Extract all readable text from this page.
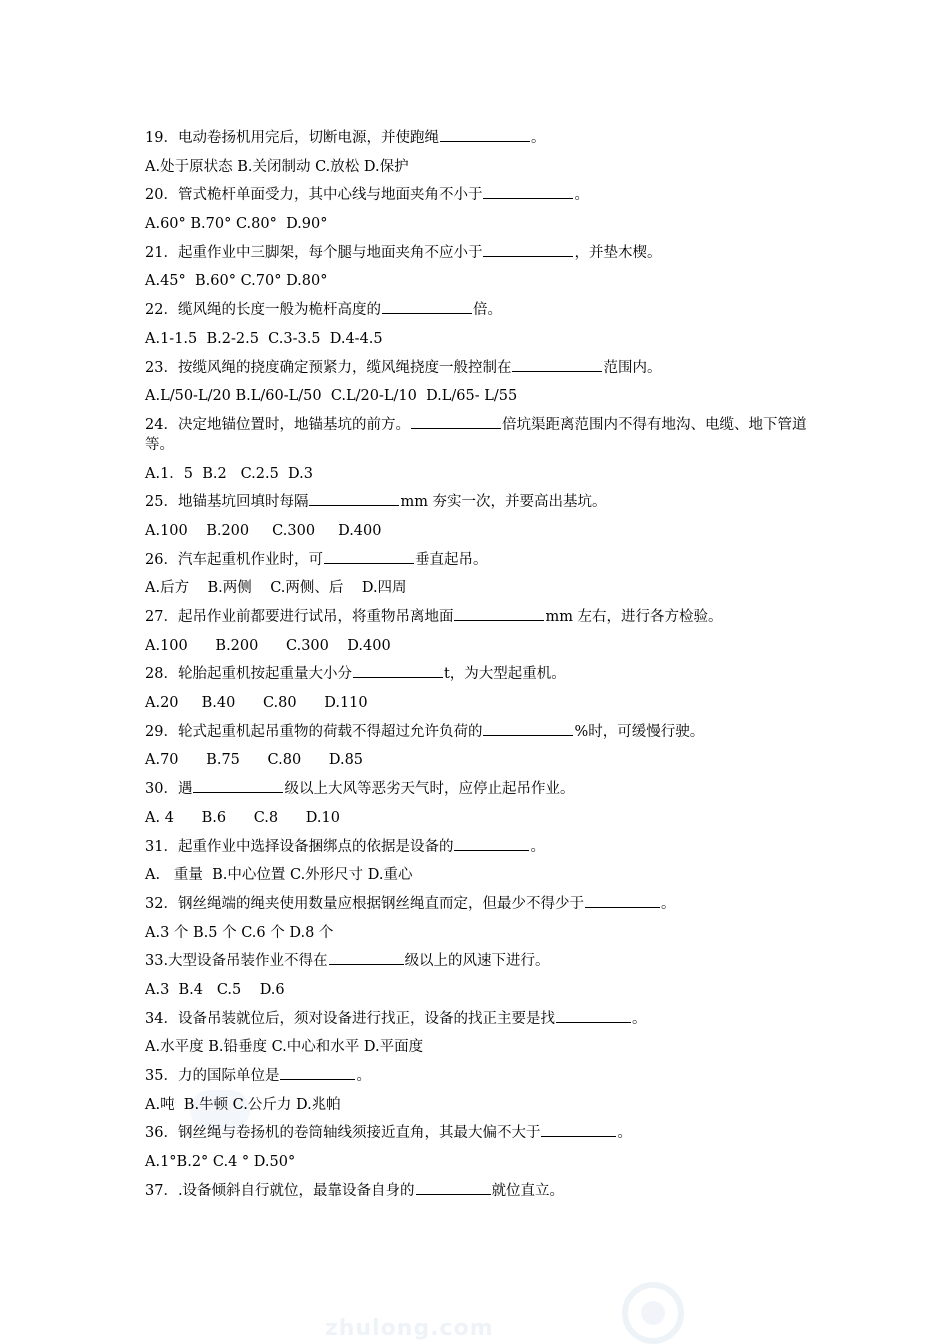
19．电动卷扬机用完后，切断电源，并使跑绳	。
A.处于原状态 B.关闭制动 C.放松 D.保护
20．管式桅杆单面受力，其中心线与地面夹角不小于	。
A.60° B.70° C.80°  D.90°
21．起重作业中三脚架，每个腿与地面夹角不应小于	，并垫木楔。
A.45°  B.60° C.70° D.80°
22．缆风绳的长度一般为桅杆高度的	倍。
A.1-1.5  B.2-2.5  C.3-3.5  D.4-4.5
23．按缆风绳的挠度确定预紧力，缆风绳挠度一般控制在	范围内。
A.L/50-L/20 B.L/60-L/50  C.L/20-L/10  D.L/65- L/55
24．决定地锚位置时，地锚基坑的前方。	倍坑渠距离范围内不得有地沟、电缆、地下管道等。
A.1．5  B.2   C.2.5  D.3
25．地锚基坑回填时每隔	mm 夯实一次，并要高出基坑。
A.100    B.200     C.300     D.400
26．汽车起重机作业时，可	垂直起吊。
A.后方    B.两侧    C.两侧、后    D.四周
27．起吊作业前都要进行试吊，将重物吊离地面	mm 左右，进行各方检验。
A.100      B.200      C.300    D.400
28．轮胎起重机按起重量大小分	t，为大型起重机。
A.20     B.40      C.80      D.110
29．轮式起重机起吊重物的荷载不得超过允许负荷的	%时，可缓慢行驶。
A.70      B.75      C.80      D.85
30．遇	级以上大风等恶劣天气时，应停止起吊作业。
A. 4      B.6      C.8      D.10
31．起重作业中选择设备捆绑点的依据是设备的	。
A.   重量  B.中心位置 C.外形尺寸 D.重心
32．钢丝绳端的绳夹使用数量应根据钢丝绳直而定，但最少不得少于	。
A.3 个 B.5 个 C.6 个 D.8 个
33.大型设备吊装作业不得在	级以上的风速下进行。
A.3  B.4   C.5    D.6
34．设备吊装就位后，须对设备进行找正，设备的找正主要是找	。
A.水平度 B.铅垂度 C.中心和水平 D.平面度
35．力的国际单位是	。
A.吨  B.牛顿 C.公斤力 D.兆帕
36．钢丝绳与卷扬机的卷筒轴线须接近直角，其最大偏不大于	。
A.1°B.2° C.4 ° D.50°
37．.设备倾斜自行就位，最靠设备自身的	就位直立。
zhulong.com
